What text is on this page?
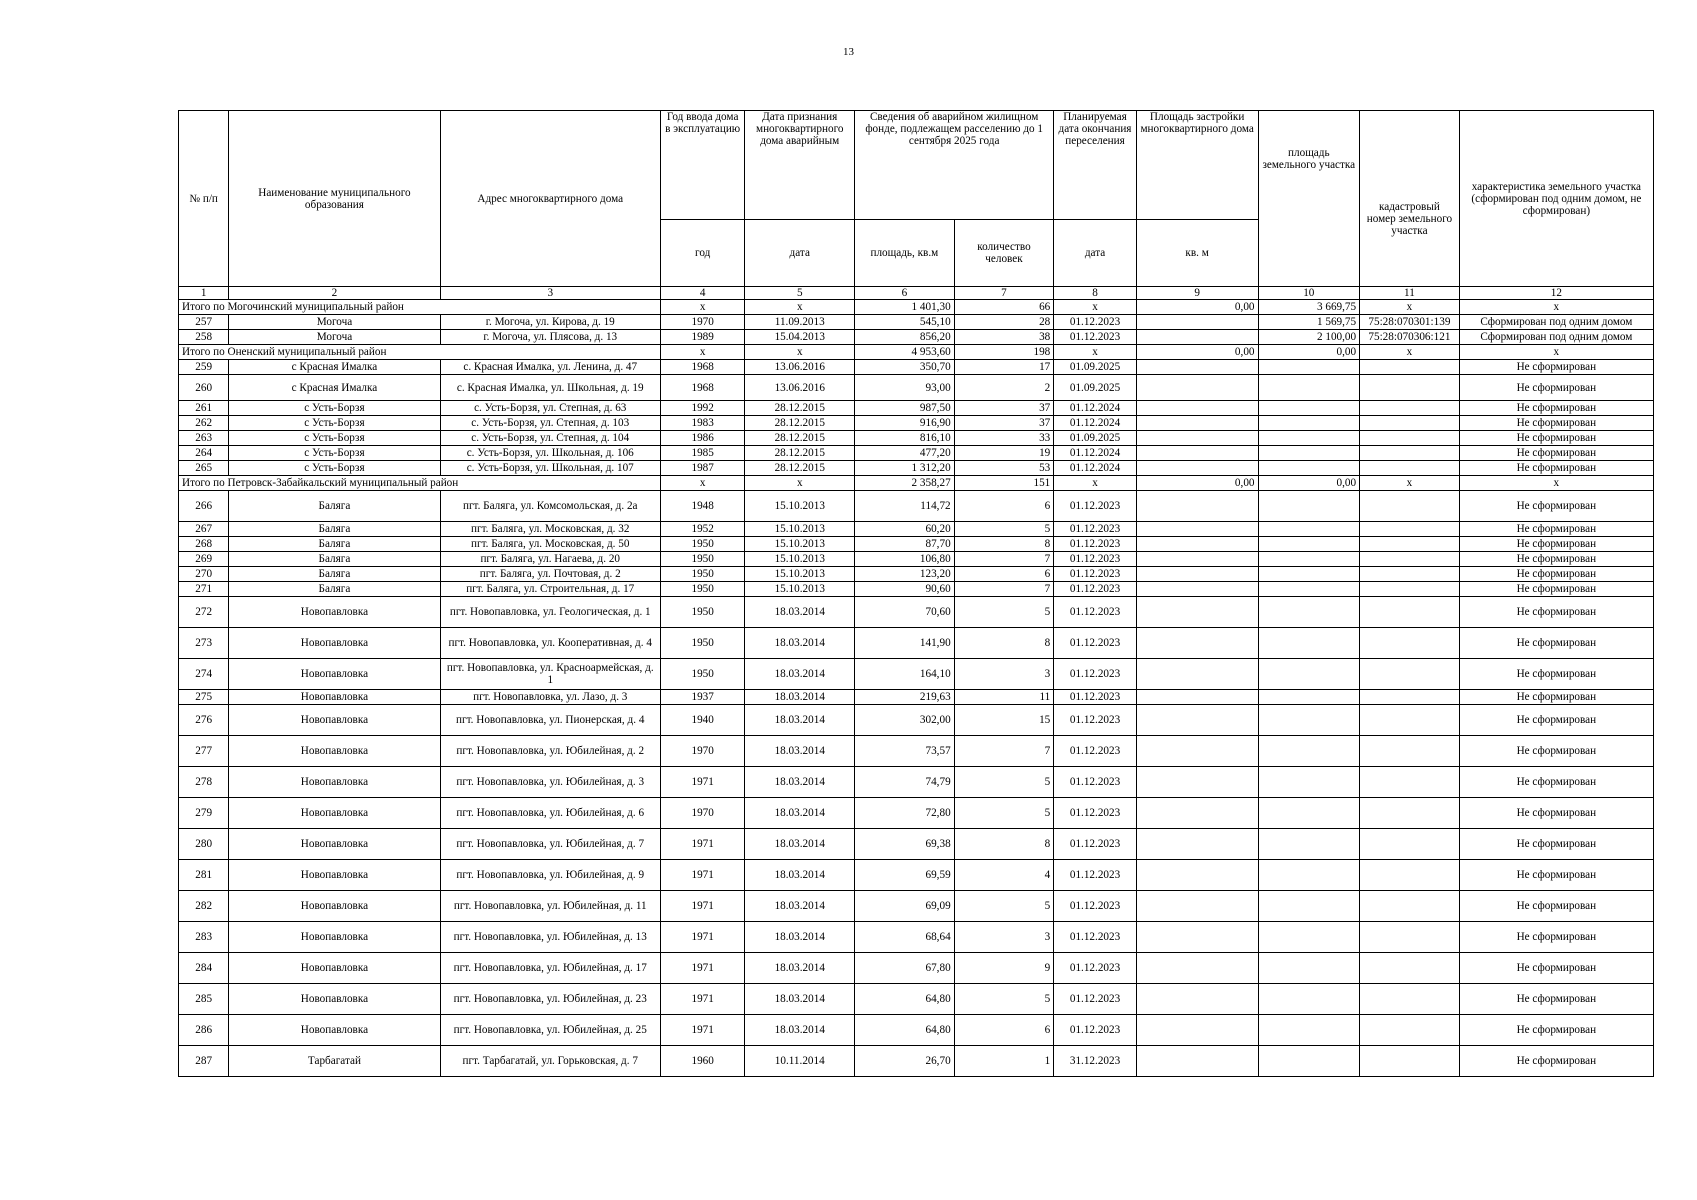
13
№ п/п	Наименование муниципального образования	Адрес многоквартирного дома	Год ввода дома в эксплуатацию	Дата признания многоквартирного дома аварийным	Сведения об аварийном жилищном фонде, подлежащем расселению до 1 сентября 2025 года		Планируемая дата окончания переселения	Площадь застройки многоквартирного дома	площадь земельного участка	кадастровый номер земельного участка	характеристика земельного участка (сформирован под одним домом, не сформирован)
			год	дата	площадь, кв.м	количество человек	дата	кв. м			
1	2	3	4	5	6	7	8	9	10	11	12
Итого по Могочинский муниципальный район			х	х	1 401,30	66	х	0,00	3 669,75	х	х
257	Могоча	г. Могоча, ул. Кирова, д. 19	1970	11.09.2013	545,10	28	01.12.2023		1 569,75	75:28:070301:139	Сформирован под одним домом
258	Могоча	г. Могоча, ул. Плясова, д. 13	1989	15.04.2013	856,20	38	01.12.2023		2 100,00	75:28:070306:121	Сформирован под одним домом
Итого по Оненский муниципальный район			х	х	4 953,60	198	х	0,00	0,00	х	х
259	с Красная Ималка	с. Красная Ималка, ул. Ленина, д. 47	1968	13.06.2016	350,70	17	01.09.2025				Не сформирован
260	с Красная Ималка	с. Красная Ималка, ул. Школьная, д. 19	1968	13.06.2016	93,00	2	01.09.2025				Не сформирован
261	с Усть-Борзя	с. Усть-Борзя, ул. Степная, д. 63	1992	28.12.2015	987,50	37	01.12.2024				Не сформирован
262	с Усть-Борзя	с. Усть-Борзя, ул. Степная, д. 103	1983	28.12.2015	916,90	37	01.12.2024				Не сформирован
263	с Усть-Борзя	с. Усть-Борзя, ул. Степная, д. 104	1986	28.12.2015	816,10	33	01.09.2025				Не сформирован
264	с Усть-Борзя	с. Усть-Борзя, ул. Школьная, д. 106	1985	28.12.2015	477,20	19	01.12.2024				Не сформирован
265	с Усть-Борзя	с. Усть-Борзя, ул. Школьная, д. 107	1987	28.12.2015	1 312,20	53	01.12.2024				Не сформирован
Итого по Петровск-Забайкальский муниципальный район			х	х	2 358,27	151	х	0,00	0,00	х	х
266	Балягa	пгт. Баляга, ул. Комсомольская, д. 2а	1948	15.10.2013	114,72	6	01.12.2023				Не сформирован
267	Баляга	пгт. Баляга, ул. Московская, д. 32	1952	15.10.2013	60,20	5	01.12.2023				Не сформирован
268	Баляга	пгт. Баляга, ул. Московская, д. 50	1950	15.10.2013	87,70	8	01.12.2023				Не сформирован
269	Баляга	пгт. Баляга, ул. Нагаева, д. 20	1950	15.10.2013	106,80	7	01.12.2023				Не сформирован
270	Баляга	пгт. Баляга, ул. Почтовая, д. 2	1950	15.10.2013	123,20	6	01.12.2023				Не сформирован
271	Баляга	пгт. Баляга, ул. Строительная, д. 17	1950	15.10.2013	90,60	7	01.12.2023				Не сформирован
272	Новопавловка	пгт. Новопавловка, ул. Геологическая, д. 1	1950	18.03.2014	70,60	5	01.12.2023				Не сформирован
273	Новопавловка	пгт. Новопавловка, ул. Кооперативная, д. 4	1950	18.03.2014	141,90	8	01.12.2023				Не сформирован
274	Новопавловка	пгт. Новопавловка, ул. Красноармейская, д. 1	1950	18.03.2014	164,10	3	01.12.2023				Не сформирован
275	Новопавловка	пгт. Новопавловка, ул. Лазо, д. 3	1937	18.03.2014	219,63	11	01.12.2023				Не сформирован
276	Новопавловка	пгт. Новопавловка, ул. Пионерская, д. 4	1940	18.03.2014	302,00	15	01.12.2023				Не сформирован
277	Новопавловка	пгт. Новопавловка, ул. Юбилейная, д. 2	1970	18.03.2014	73,57	7	01.12.2023				Не сформирован
278	Новопавловка	пгт. Новопавловка, ул. Юбилейная, д. 3	1971	18.03.2014	74,79	5	01.12.2023				Не сформирован
279	Новопавловка	пгт. Новопавловка, ул. Юбилейная, д. 6	1970	18.03.2014	72,80	5	01.12.2023				Не сформирован
280	Новопавловка	пгт. Новопавловка, ул. Юбилейная, д. 7	1971	18.03.2014	69,38	8	01.12.2023				Не сформирован
281	Новопавловка	пгт. Новопавловка, ул. Юбилейная, д. 9	1971	18.03.2014	69,59	4	01.12.2023				Не сформирован
282	Новопавловка	пгт. Новопавловка, ул. Юбилейная, д. 11	1971	18.03.2014	69,09	5	01.12.2023				Не сформирован
283	Новопавловка	пгт. Новопавловка, ул. Юбилейная, д. 13	1971	18.03.2014	68,64	3	01.12.2023				Не сформирован
284	Новопавловка	пгт. Новопавловка, ул. Юбилейная, д. 17	1971	18.03.2014	67,80	9	01.12.2023				Не сформирован
285	Новопавловка	пгт. Новопавловка, ул. Юбилейная, д. 23	1971	18.03.2014	64,80	5	01.12.2023				Не сформирован
286	Новопавловка	пгт. Новопавловка, ул. Юбилейная, д. 25	1971	18.03.2014	64,80	6	01.12.2023				Не сформирован
287	Тарбагатай	пгт. Тарбагатай, ул. Горьковская, д. 7	1960	10.11.2014	26,70	1	31.12.2023				Не сформирован
